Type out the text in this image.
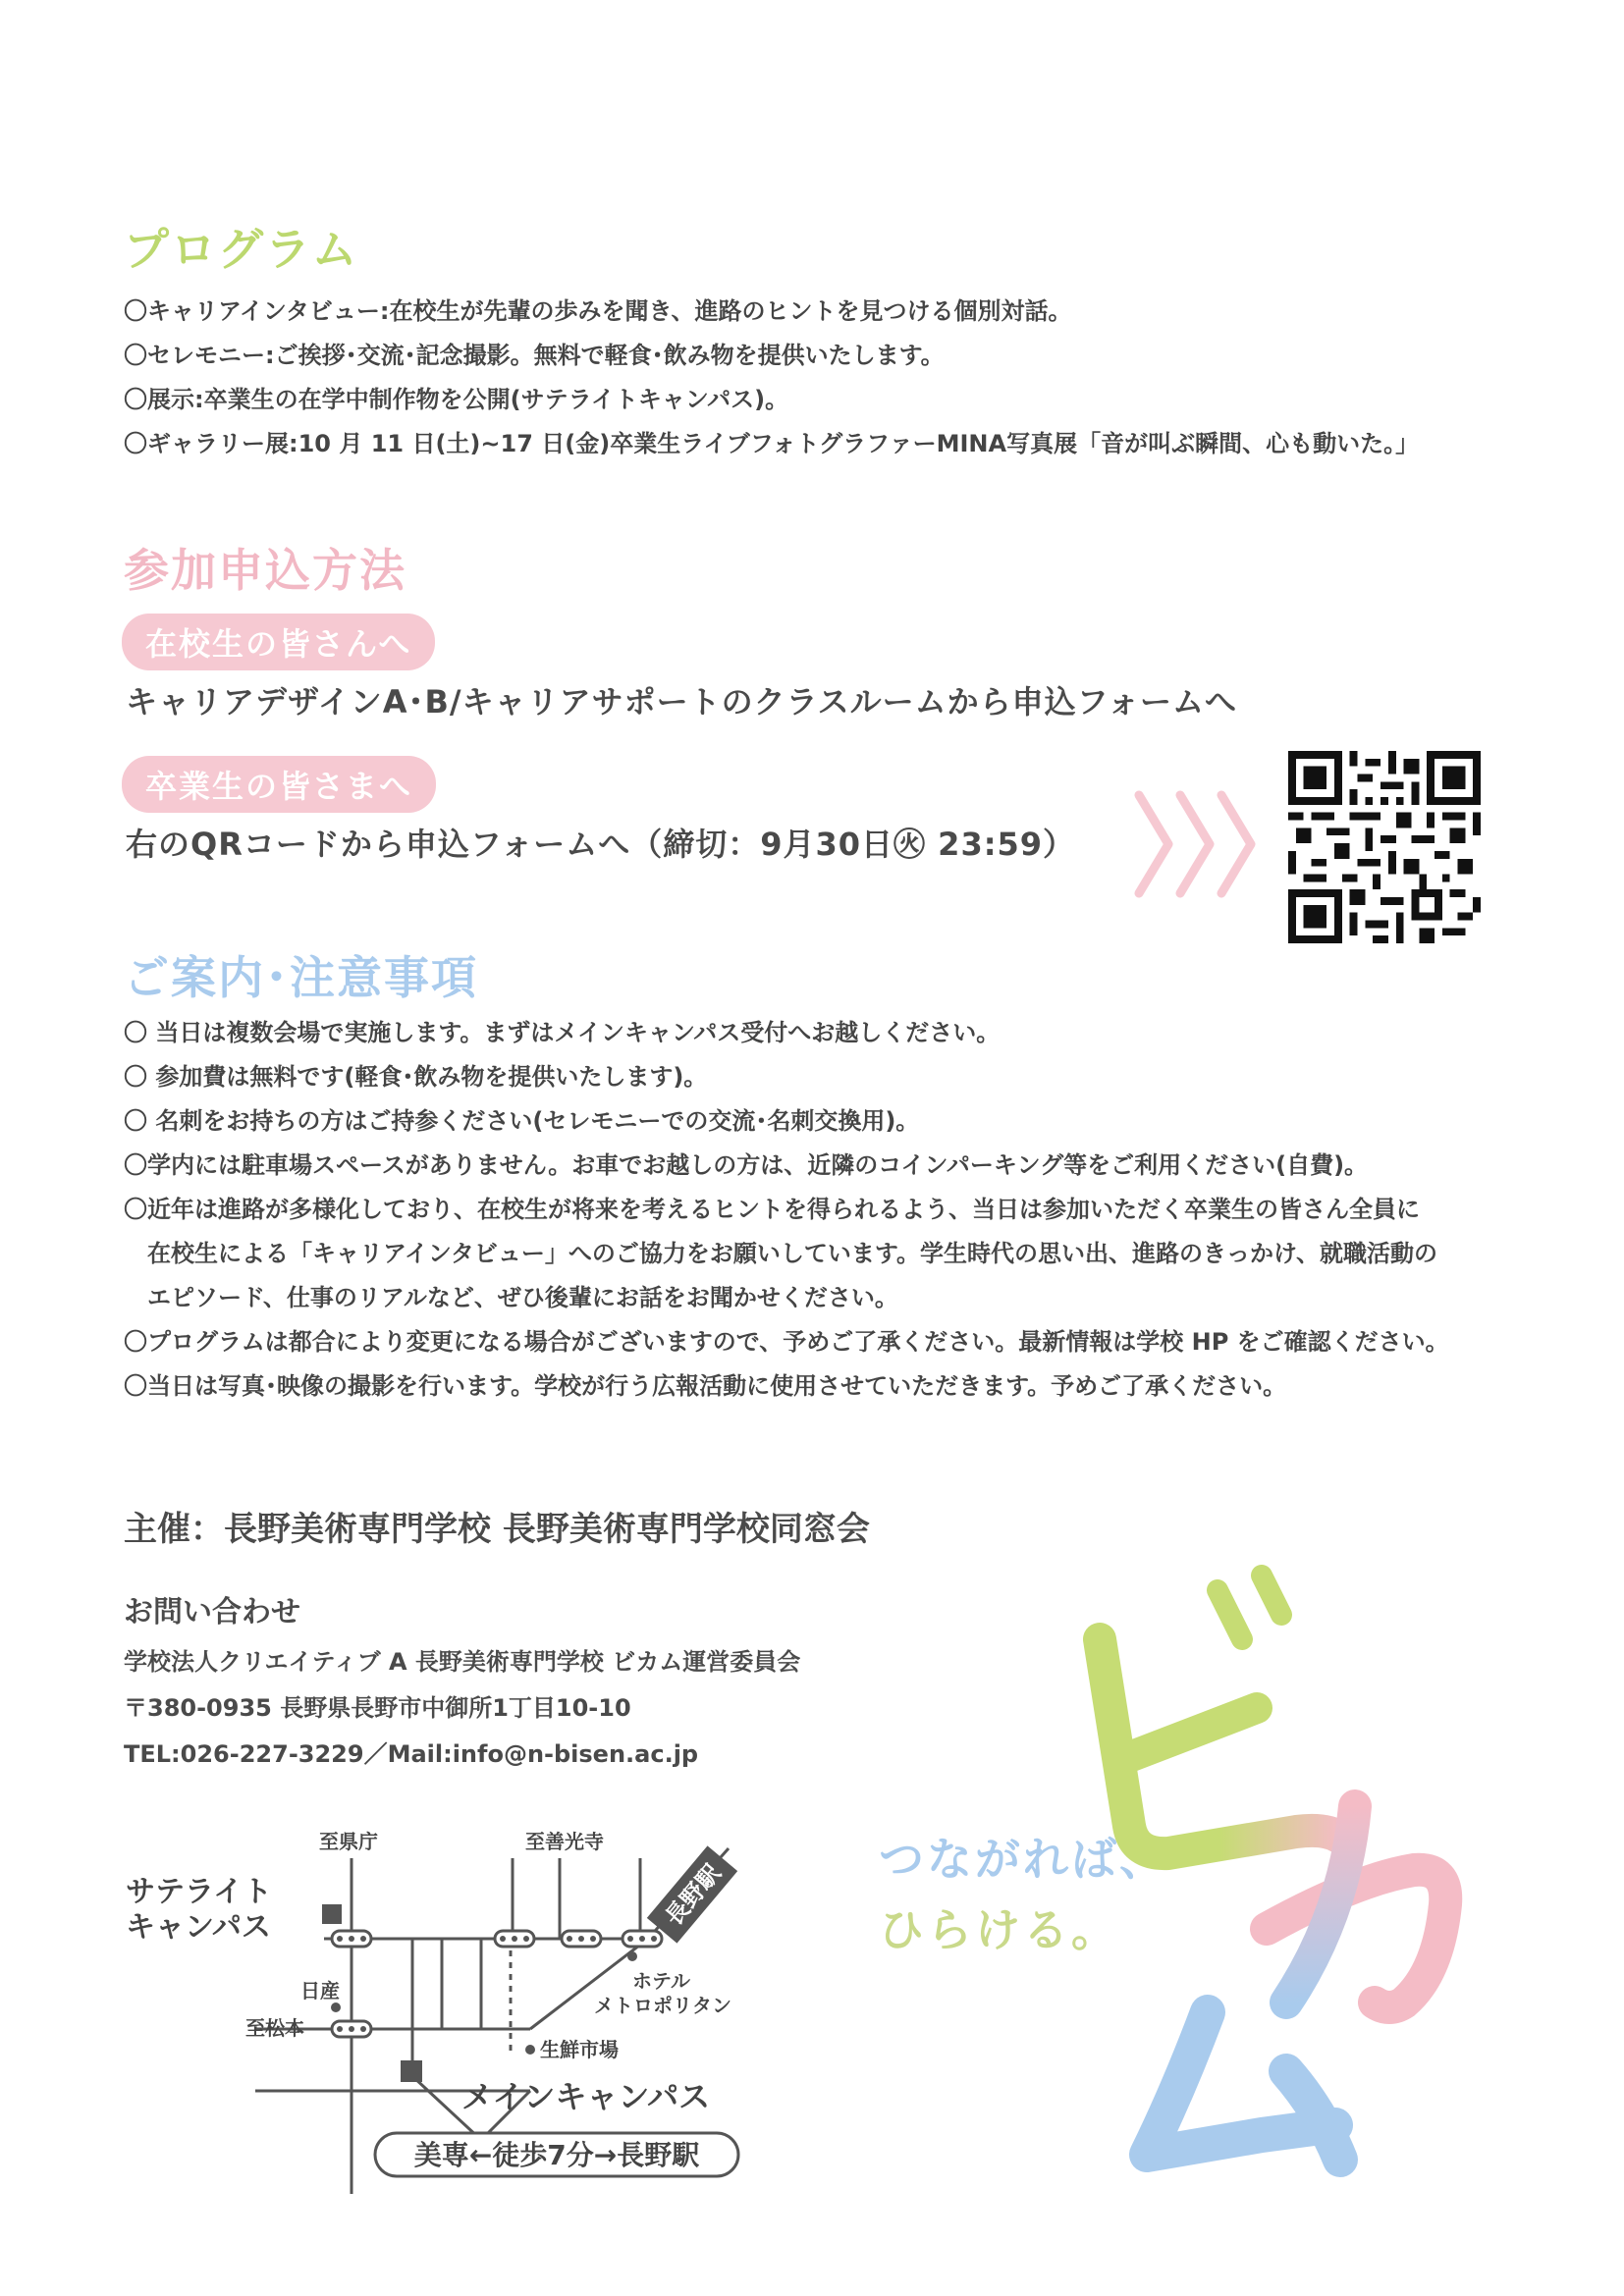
プログラム
〇キャリアインタビュー:在校生が先輩の歩みを聞き、進路のヒントを見つける個別対話。
〇セレモニー:ご挨拶･交流･記念撮影。無料で軽食･飲み物を提供いたします。
〇展示:卒業生の在学中制作物を公開(サテライトキャンパス)。
〇ギャラリー展:10 月 11 日(土)~17 日(金)卒業生ライブフォトグラファーMINA写真展「音が叫ぶ瞬間、心も動いた。」
参加申込方法
在校生の皆さんへ
キャリアデザインA･B/キャリアサポートのクラスルームから申込フォームへ
卒業生の皆さまへ
右のQRコードから申込フォームへ（締切：9月30日㊋ 23:59）
ご案内･注意事項
〇 当日は複数会場で実施します。まずはメインキャンパス受付へお越しください。
〇 参加費は無料です(軽食･飲み物を提供いたします)。
〇 名刺をお持ちの方はご持参ください(セレモニーでの交流･名刺交換用)。
〇学内には駐車場スペースがありません。お車でお越しの方は、近隣のコインパーキング等をご利用ください(自費)。
〇近年は進路が多様化しており、在校生が将来を考えるヒントを得られるよう、当日は参加いただく卒業生の皆さん全員に
　在校生による「キャリアインタビュー」へのご協力をお願いしています。学生時代の思い出、進路のきっかけ、就職活動の
　エピソード、仕事のリアルなど、ぜひ後輩にお話をお聞かせください。
〇プログラムは都合により変更になる場合がございますので、予めご了承ください。最新情報は学校 HP をご確認ください。
〇当日は写真･映像の撮影を行います。学校が行う広報活動に使用させていただきます。予めご了承ください。
主催：長野美術専門学校 長野美術専門学校同窓会
お問い合わせ
学校法人クリエイティブ A 長野美術専門学校 ビカム運営委員会
〒380-0935 長野県長野市中御所1丁目10-10
TEL:026-227-3229／Mail:info@n-bisen.ac.jp
長野駅
至県庁	至善光寺
サテライト
キャンパス
日産
至松本
ホテル
メトロポリタン
生鮮市場
メインキャンパス
美専←徒歩7分→長野駅
つながれば、
ひらける。
